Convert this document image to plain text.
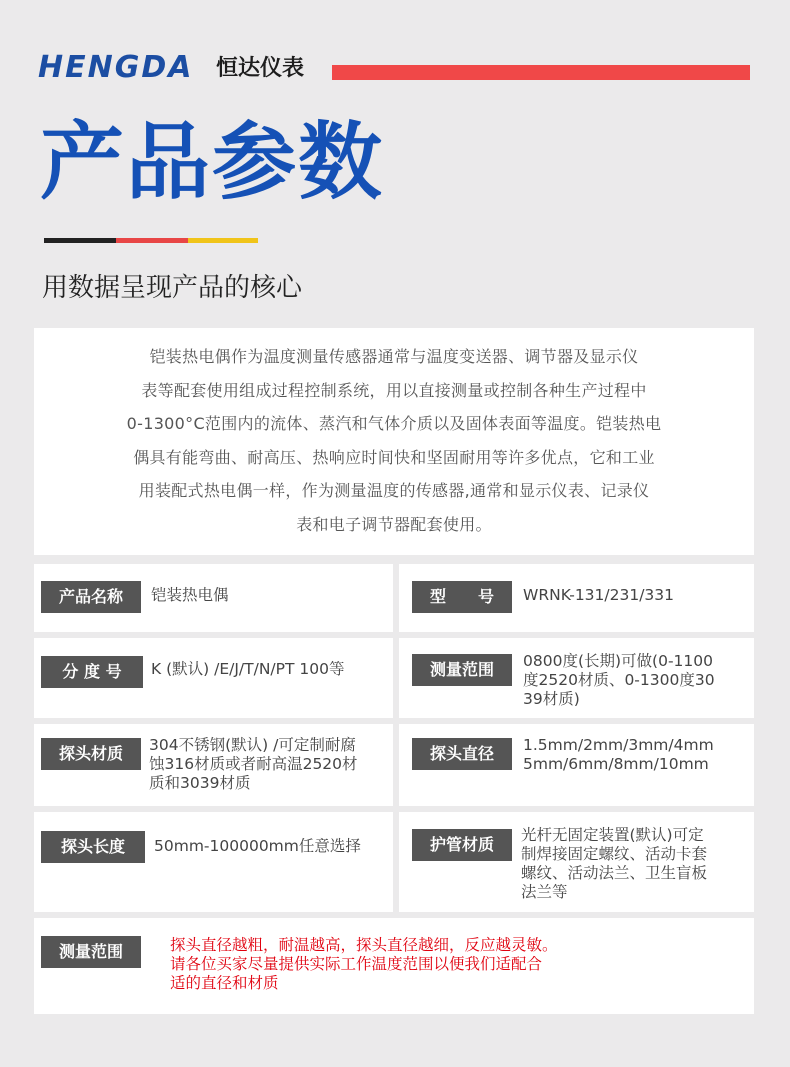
HENGDA 恒达仪表
产品参数
用数据呈现产品的核心

铠装热电偶作为温度测量传感器通常与温度变送器、调节器及显示仪

表等配套使用组成过程控制系统，用以直接测量或控制各种生产过程中

0-1300°C范围内的流体、蒸汽和气体介质以及固体表面等温度。铠装热电

偶具有能弯曲、耐高压、热响应时间快和坚固耐用等许多优点，它和工业

用装配式热电偶一样，作为测量温度的传感器,通常和显示仪表、记录仪

表和电子调节器配套使用。

产品名称	铠装热电偶	型　　号	WRNK-131/231/331
分 度 号	K (默认) /E/J/T/N/PT 100等	测量范围	0800度(长期)可做(0-1100
度2520材质、0-1300度30
39材质)
探头材质	304不锈钢(默认) /可定制耐腐
蚀316材质或者耐高温2520材
质和3039材质
探头直径	1.5mm/2mm/3mm/4mm
5mm/6mm/8mm/10mm
探头长度	50mm-100000mm任意选择	护管材质	光杆无固定装置(默认)可定
制焊接固定螺纹、活动卡套
螺纹、活动法兰、卫生盲板
法兰等
测量范围	探头直径越粗，耐温越高，探头直径越细，反应越灵敏。
请各位买家尽量提供实际工作温度范围以便我们适配合
适的直径和材质
